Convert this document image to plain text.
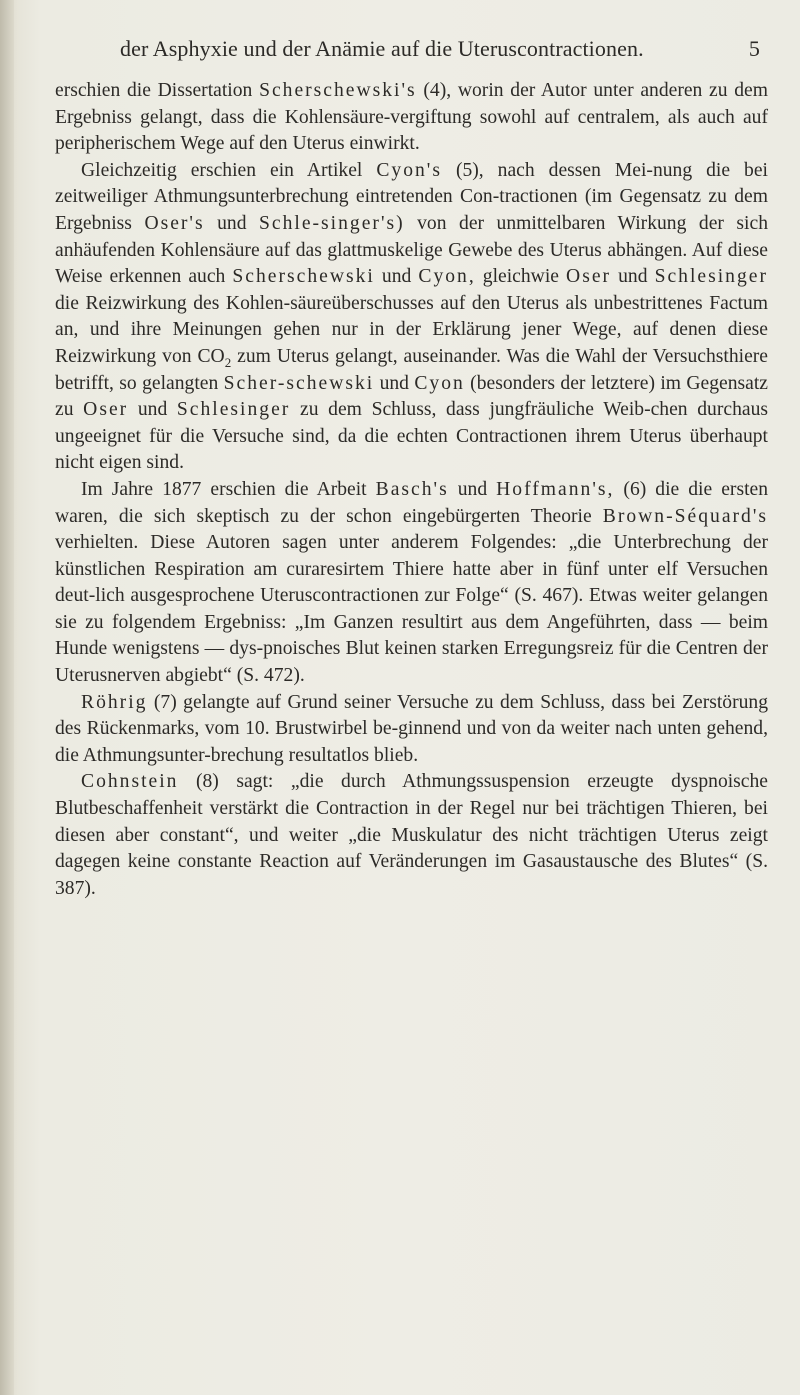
der Asphyxie und der Anämie auf die Uteruscontractionen.	5

erschien die Dissertation Scherschewski's (4), worin der Autor unter anderen zu dem Ergebniss gelangt, dass die Kohlensäure-vergiftung sowohl auf centralem, als auch auf peripherischem Wege auf den Uterus einwirkt.

Gleichzeitig erschien ein Artikel Cyon's (5), nach dessen Mei-nung die bei zeitweiliger Athmungsunterbrechung eintretenden Con-tractionen (im Gegensatz zu dem Ergebniss Oser's und Schle-singer's) von der unmittelbaren Wirkung der sich anhäufenden Kohlensäure auf das glattmuskelige Gewebe des Uterus abhängen. Auf diese Weise erkennen auch Scherschewski und Cyon, gleichwie Oser und Schlesinger die Reizwirkung des Kohlen-säureüberschusses auf den Uterus als unbestrittenes Factum an, und ihre Meinungen gehen nur in der Erklärung jener Wege, auf denen diese Reizwirkung von $CO_2$ zum Uterus gelangt, auseinander. Was die Wahl der Versuchsthiere betrifft, so gelangten Scher-schewski und Cyon (besonders der letztere) im Gegensatz zu Oser und Schlesinger zu dem Schluss, dass jungfräuliche Weib-chen durchaus ungeeignet für die Versuche sind, da die echten Contractionen ihrem Uterus überhaupt nicht eigen sind.

Im Jahre 1877 erschien die Arbeit Basch's und Hoffmann's, (6) die die ersten waren, die sich skeptisch zu der schon eingebürgerten Theorie Brown-Séquard's verhielten. Diese Autoren sagen unter anderem Folgendes: „die Unterbrechung der künstlichen Respiration am curaresirtem Thiere hatte aber in fünf unter elf Versuchen deut-lich ausgesprochene Uteruscontractionen zur Folge“ (S. 467). Etwas weiter gelangen sie zu folgendem Ergebniss: „Im Ganzen resultirt aus dem Angeführten, dass — beim Hunde wenigstens — dys-pnoisches Blut keinen starken Erregungsreiz für die Centren der Uterusnerven abgiebt“ (S. 472).

Röhrig (7) gelangte auf Grund seiner Versuche zu dem Schluss, dass bei Zerstörung des Rückenmarks, vom 10. Brustwirbel be-ginnend und von da weiter nach unten gehend, die Athmungsunter-brechung resultatlos blieb.

Cohnstein (8) sagt: „die durch Athmungssuspension erzeugte dyspnoische Blutbeschaffenheit verstärkt die Contraction in der Regel nur bei trächtigen Thieren, bei diesen aber constant“, und weiter „die Muskulatur des nicht trächtigen Uterus zeigt dagegen keine constante Reaction auf Veränderungen im Gasaustausche des Blutes“ (S. 387).
